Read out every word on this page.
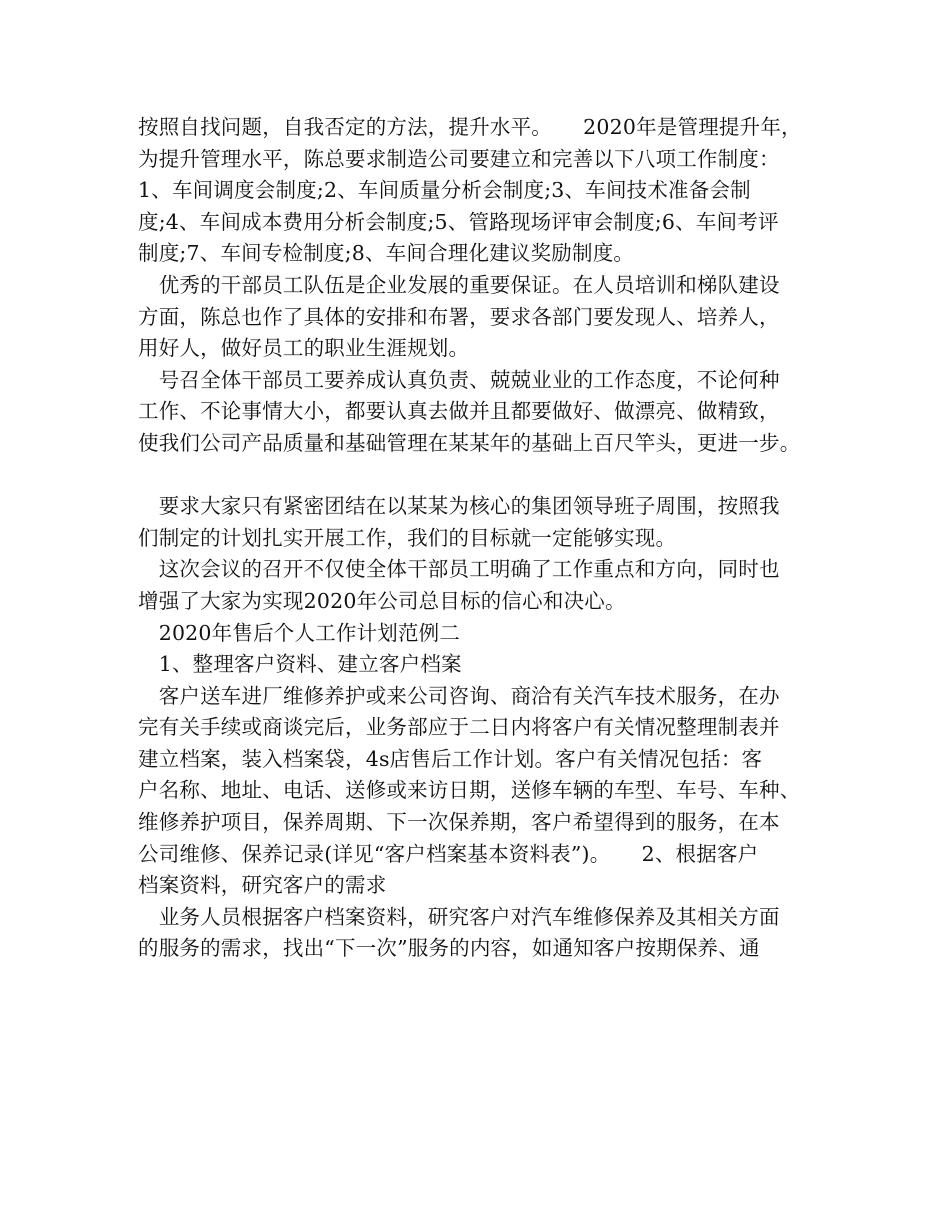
按照自找问题，自我否定的方法，提升水平。　　2020年是管理提升年，
为提升管理水平，陈总要求制造公司要建立和完善以下八项工作制度：
1、车间调度会制度;2、车间质量分析会制度;3、车间技术准备会制
度;4、车间成本费用分析会制度;5、管路现场评审会制度;6、车间考评
制度;7、车间专检制度;8、车间合理化建议奖励制度。
　优秀的干部员工队伍是企业发展的重要保证。在人员培训和梯队建设
方面，陈总也作了具体的安排和布署，要求各部门要发现人、培养人，
用好人，做好员工的职业生涯规划。
　号召全体干部员工要养成认真负责、兢兢业业的工作态度，不论何种
工作、不论事情大小，都要认真去做并且都要做好、做漂亮、做精致，
使我们公司产品质量和基础管理在某某年的基础上百尺竿头，更进一步。
　要求大家只有紧密团结在以某某为核心的集团领导班子周围，按照我
们制定的计划扎实开展工作，我们的目标就一定能够实现。
　这次会议的召开不仅使全体干部员工明确了工作重点和方向，同时也
增强了大家为实现2020年公司总目标的信心和决心。
　2020年售后个人工作计划范例二
　1、整理客户资料、建立客户档案
　客户送车进厂维修养护或来公司咨询、商洽有关汽车技术服务，在办
完有关手续或商谈完后，业务部应于二日内将客户有关情况整理制表并
建立档案，装入档案袋，4s店售后工作计划。客户有关情况包括：客
户名称、地址、电话、送修或来访日期，送修车辆的车型、车号、车种、
维修养护项目，保养周期、下一次保养期，客户希望得到的服务，在本
公司维修、保养记录(详见“客户档案基本资料表”)。　　2、根据客户
档案资料，研究客户的需求
　业务人员根据客户档案资料，研究客户对汽车维修保养及其相关方面
的服务的需求，找出“下一次”服务的内容，如通知客户按期保养、通
